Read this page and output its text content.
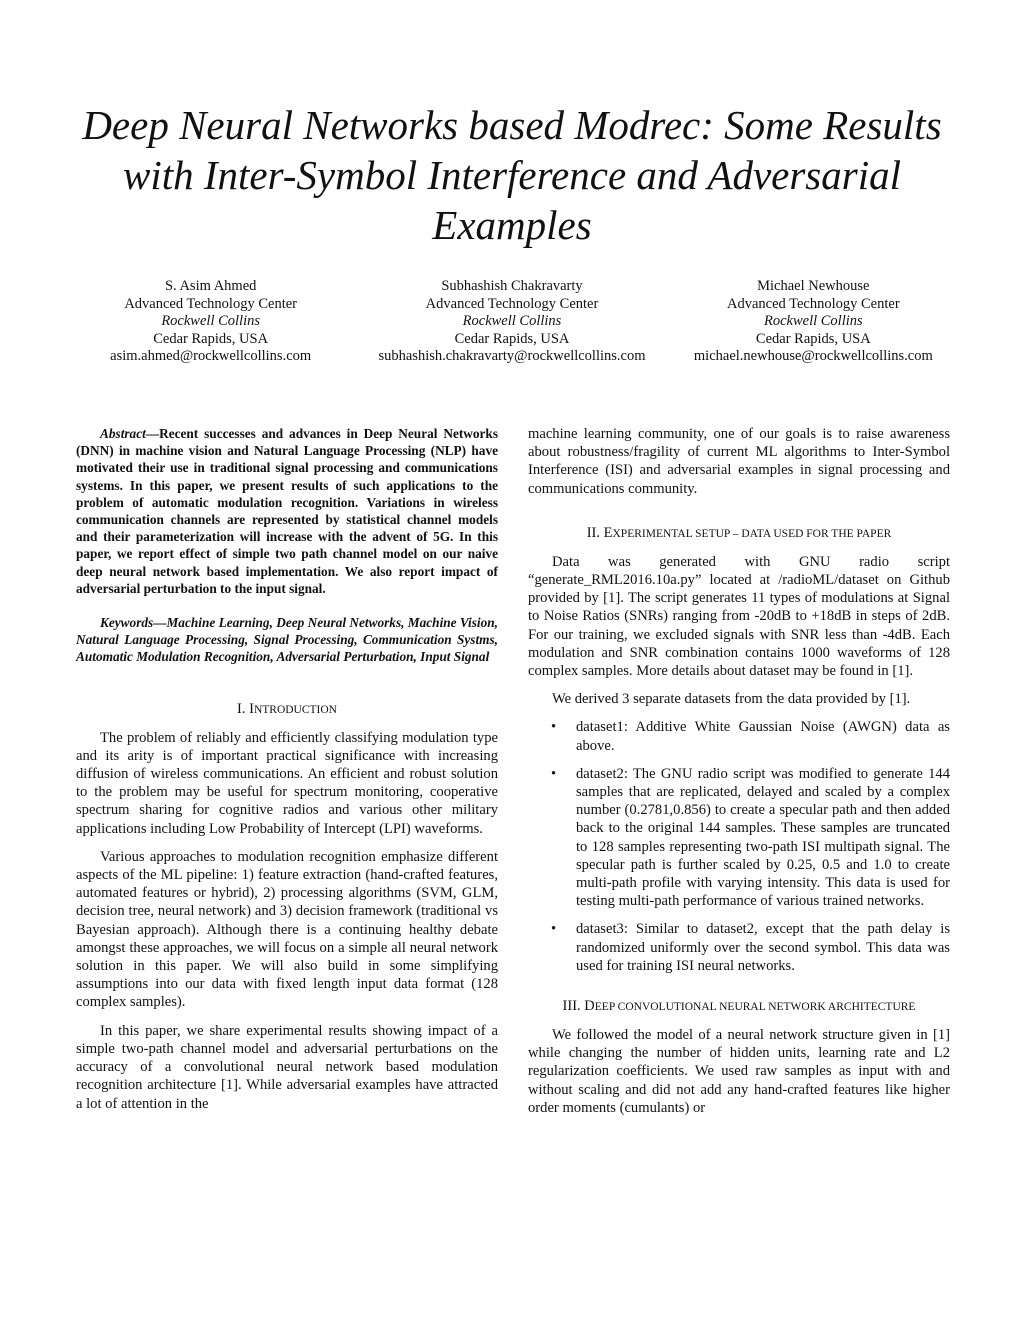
Deep Neural Networks based Modrec: Some Results with Inter-Symbol Interference and Adversarial Examples
S. Asim Ahmed
Advanced Technology Center
Rockwell Collins
Cedar Rapids, USA
asim.ahmed@rockwellcollins.com
Subhashish Chakravarty
Advanced Technology Center
Rockwell Collins
Cedar Rapids, USA
subhashish.chakravarty@rockwellcollins.com
Michael Newhouse
Advanced Technology Center
Rockwell Collins
Cedar Rapids, USA
michael.newhouse@rockwellcollins.com

Abstract—Recent successes and advances in Deep Neural Networks (DNN) in machine vision and Natural Language Processing (NLP) have motivated their use in traditional signal processing and communications systems. In this paper, we present results of such applications to the problem of automatic modulation recognition. Variations in wireless communication channels are represented by statistical channel models and their parameterization will increase with the advent of 5G. In this paper, we report effect of simple two path channel model on our naive deep neural network based implementation. We also report impact of adversarial perturbation to the input signal.

Keywords—Machine Learning, Deep Neural Networks, Machine Vision, Natural Language Processing, Signal Processing, Communication Systms, Automatic Modulation Recognition, Adversarial Perturbation, Input Signal

I. INTRODUCTION

The problem of reliably and efficiently classifying modulation type and its arity is of important practical significance with increasing diffusion of wireless communications. An efficient and robust solution to the problem may be useful for spectrum monitoring, cooperative spectrum sharing for cognitive radios and various other military applications including Low Probability of Intercept (LPI) waveforms.

Various approaches to modulation recognition emphasize different aspects of the ML pipeline: 1) feature extraction (hand-crafted features, automated features or hybrid), 2) processing algorithms (SVM, GLM, decision tree, neural network) and 3) decision framework (traditional vs Bayesian approach). Although there is a continuing healthy debate amongst these approaches, we will focus on a simple all neural network solution in this paper. We will also build in some simplifying assumptions into our data with fixed length input data format (128 complex samples).

In this paper, we share experimental results showing impact of a simple two-path channel model and adversarial perturbations on the accuracy of a convolutional neural network based modulation recognition architecture [1]. While adversarial examples have attracted a lot of attention in the

machine learning community, one of our goals is to raise awareness about robustness/fragility of current ML algorithms to Inter-Symbol Interference (ISI) and adversarial examples in signal processing and communications community.

II. EXPERIMENTAL SETUP – DATA USED FOR THE PAPER

Data was generated with GNU radio script “generate_RML2016.10a.py” located at /radioML/dataset on Github provided by [1]. The script generates 11 types of modulations at Signal to Noise Ratios (SNRs) ranging from -20dB to +18dB in steps of 2dB. For our training, we excluded signals with SNR less than -4dB. Each modulation and SNR combination contains 1000 waveforms of 128 complex samples. More details about dataset may be found in [1].

We derived 3 separate datasets from the data provided by [1].

• dataset1: Additive White Gaussian Noise (AWGN) data as above.
• dataset2: The GNU radio script was modified to generate 144 samples that are replicated, delayed and scaled by a complex number (0.2781,0.856) to create a specular path and then added back to the original 144 samples. These samples are truncated to 128 samples representing two-path ISI multipath signal. The specular path is further scaled by 0.25, 0.5 and 1.0 to create multi-path profile with varying intensity. This data is used for testing multi-path performance of various trained networks.
• dataset3: Similar to dataset2, except that the path delay is randomized uniformly over the second symbol. This data was used for training ISI neural networks.
III. DEEP CONVOLUTIONAL NEURAL NETWORK ARCHITECTURE

We followed the model of a neural network structure given in [1] while changing the number of hidden units, learning rate and L2 regularization coefficients. We used raw samples as input with and without scaling and did not add any hand-crafted features like higher order moments (cumulants) or
